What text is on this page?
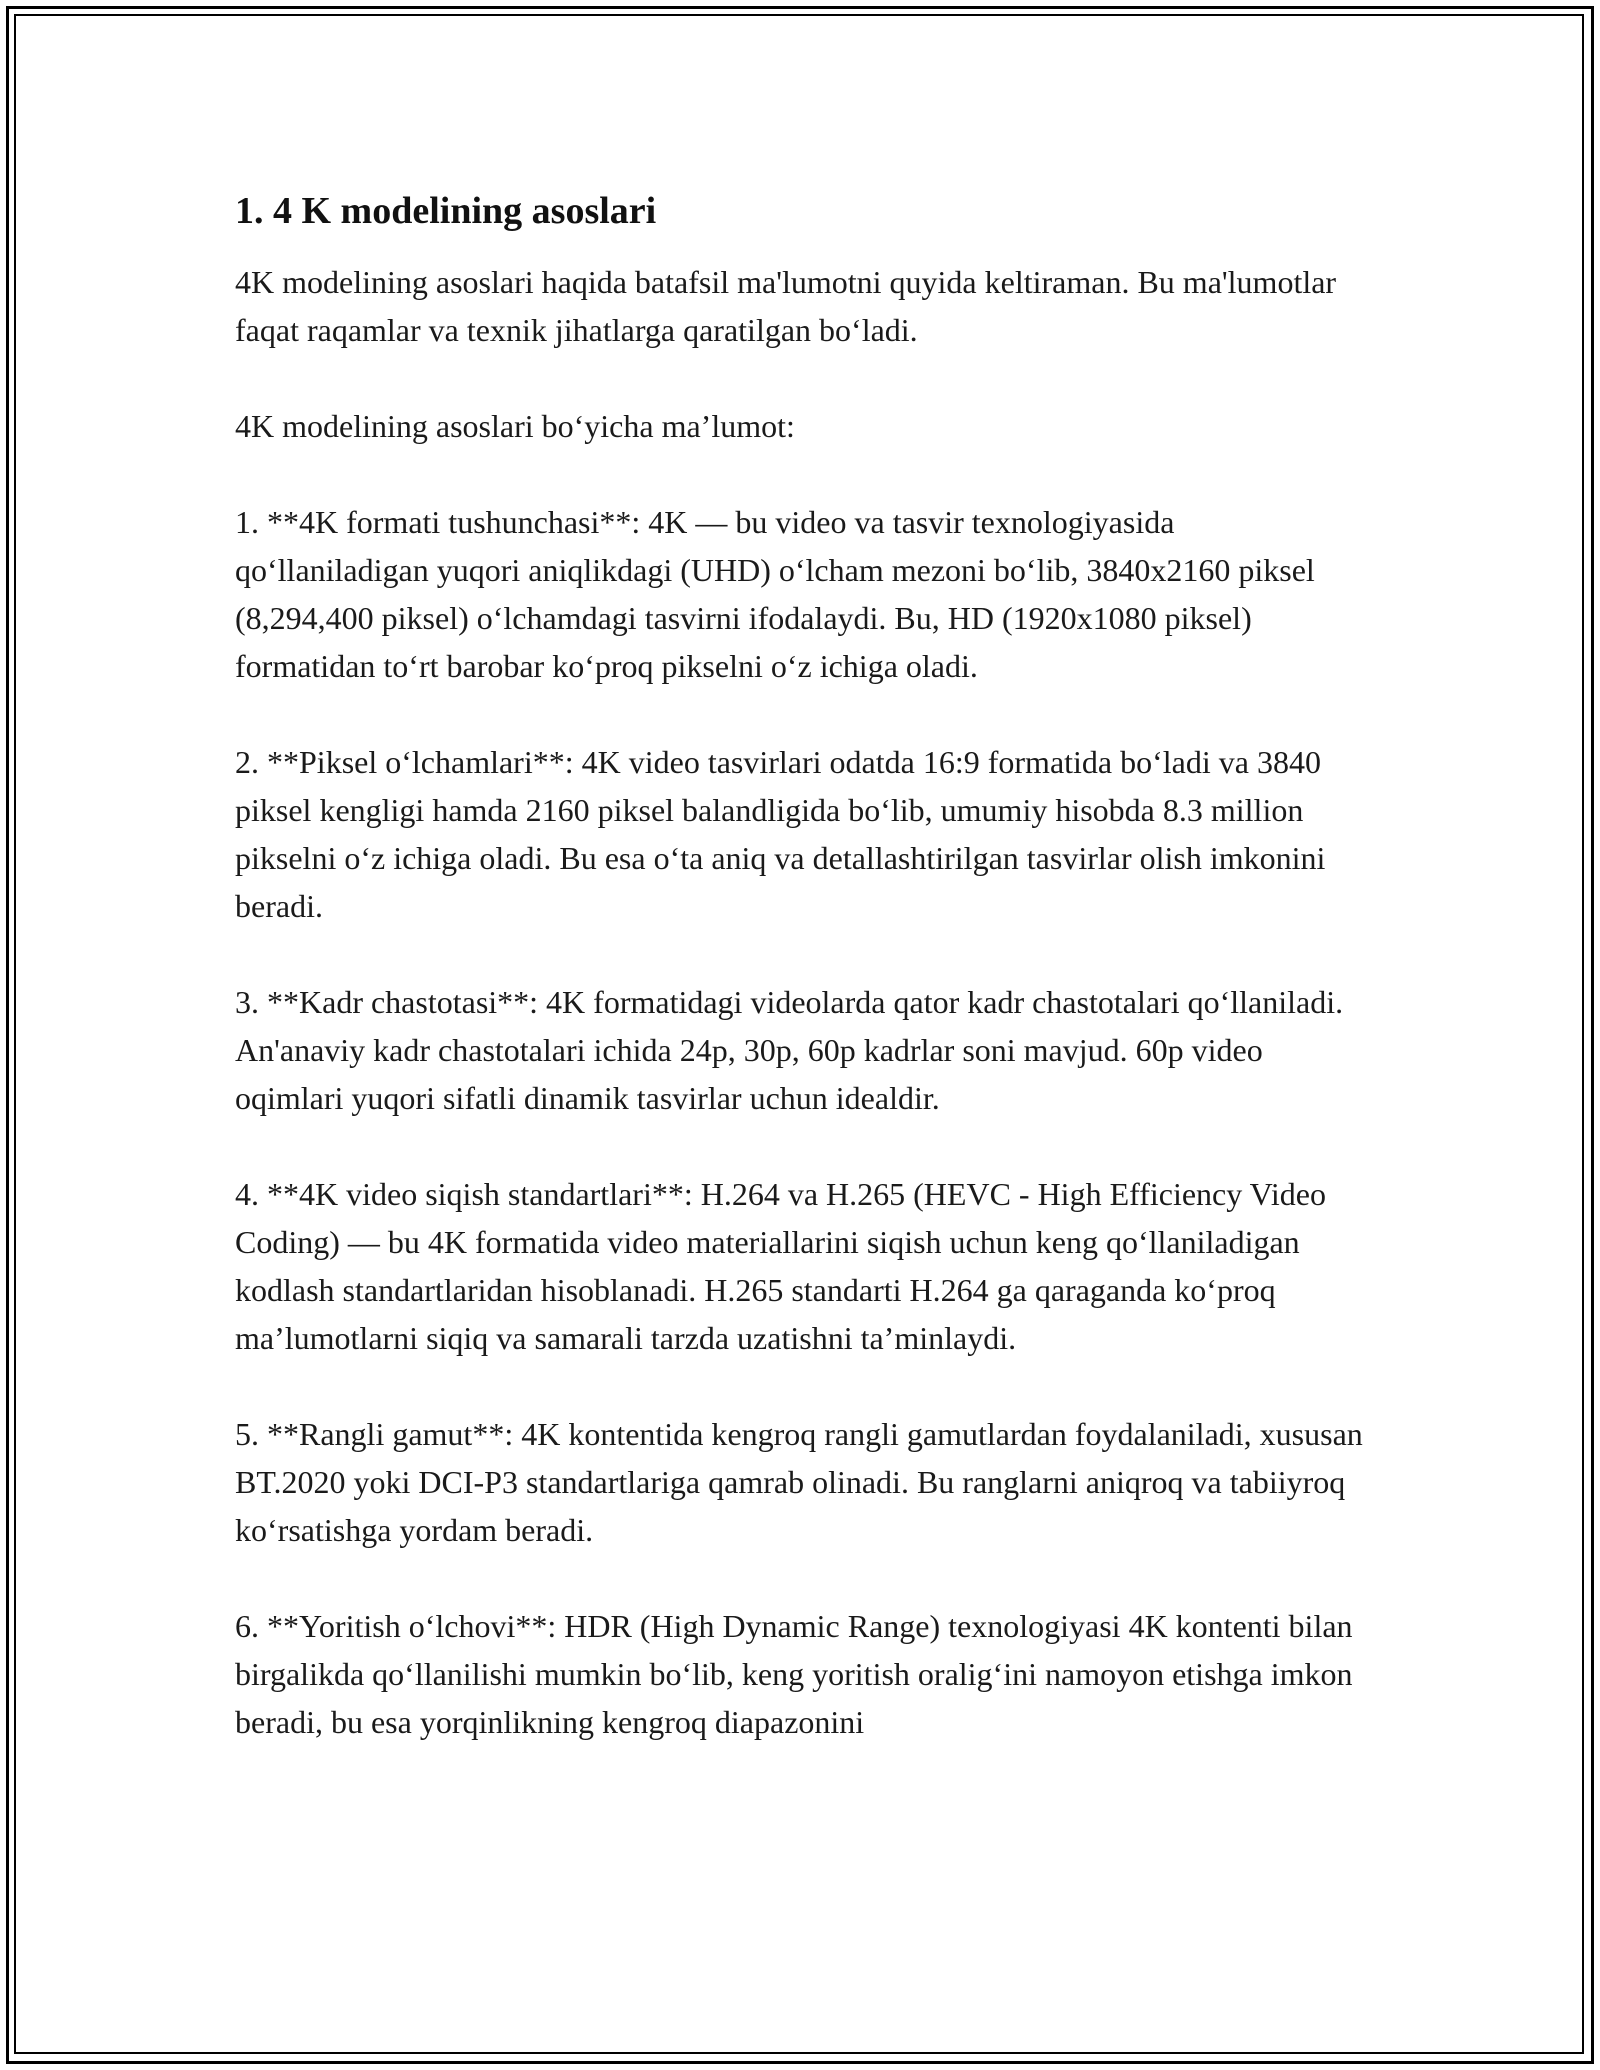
1. 4 K modelining asoslari

4K modelining asoslari haqida batafsil ma'lumotni quyida keltiraman. Bu ma'lumotlar faqat raqamlar va texnik jihatlarga qaratilgan boʻladi.

4K modelining asoslari boʻyicha ma’lumot:

1. **4K formati tushunchasi**: 4K — bu video va tasvir texnologiyasida qoʻllaniladigan yuqori aniqlikdagi (UHD) oʻlcham mezoni boʻlib, 3840x2160 piksel (8,294,400 piksel) oʻlchamdagi tasvirni ifodalaydi. Bu, HD (1920x1080 piksel) formatidan toʻrt barobar koʻproq pikselni oʻz ichiga oladi.

2. **Piksel oʻlchamlari**: 4K video tasvirlari odatda 16:9 formatida boʻladi va 3840 piksel kengligi hamda 2160 piksel balandligida boʻlib, umumiy hisobda 8.3 million pikselni oʻz ichiga oladi. Bu esa oʻta aniq va detallashtirilgan tasvirlar olish imkonini beradi.

3. **Kadr chastotasi**: 4K formatidagi videolarda qator kadr chastotalari qoʻllaniladi. An'anaviy kadr chastotalari ichida 24p, 30p, 60p kadrlar soni mavjud. 60p video oqimlari yuqori sifatli dinamik tasvirlar uchun idealdir.

4. **4K video siqish standartlari**: H.264 va H.265 (HEVC - High Efficiency Video Coding) — bu 4K formatida video materiallarini siqish uchun keng qoʻllaniladigan kodlash standartlaridan hisoblanadi. H.265 standarti H.264 ga qaraganda koʻproq ma’lumotlarni siqiq va samarali tarzda uzatishni ta’minlaydi.

5. **Rangli gamut**: 4K kontentida kengroq rangli gamutlardan foydalaniladi, xususan BT.2020 yoki DCI-P3 standartlariga qamrab olinadi. Bu ranglarni aniqroq va tabiiyroq koʻrsatishga yordam beradi.

6. **Yoritish oʻlchovi**: HDR (High Dynamic Range) texnologiyasi 4K kontenti bilan birgalikda qoʻllanilishi mumkin boʻlib, keng yoritish oraligʻini namoyon etishga imkon beradi, bu esa yorqinlikning kengroq diapazonini
